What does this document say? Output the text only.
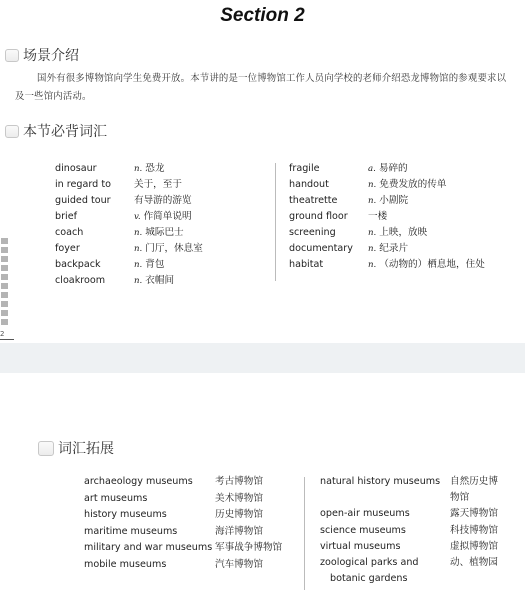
Section 2
场景介绍
国外有很多博物馆向学生免费开放。本节讲的是一位博物馆工作人员向学校的老师介绍恐龙博物馆的参观要求以及一些馆内活动。
本节必背词汇
dinosaur	n. 恐龙
in regard to 关于，至于
guided tour 有导游的游览
brief	v. 作简单说明
coach	n. 城际巴士
foyer	n. 门厅，休息室
backpack	n. 背包
cloakroom	n. 衣帽间
fragile	a. 易碎的
handout	n. 免费发放的传单
theatrette	n. 小剧院
ground floor 一楼
screening	n. 上映，放映
documentary n. 纪录片
habitat	n. （动物的）栖息地，住处
2
词汇拓展
archaeology museums 考古博物馆
art museums	美术博物馆
history museums	历史博物馆
maritime museums	海洋博物馆
military and war museums 军事战争博物馆
mobile museums	汽车博物馆
natural history museums 自然历史博
物馆
open-air museums	露天博物馆
science museums	科技博物馆
virtual museums	虚拟博物馆
zoological parks and	动、植物园
botanic gardens
